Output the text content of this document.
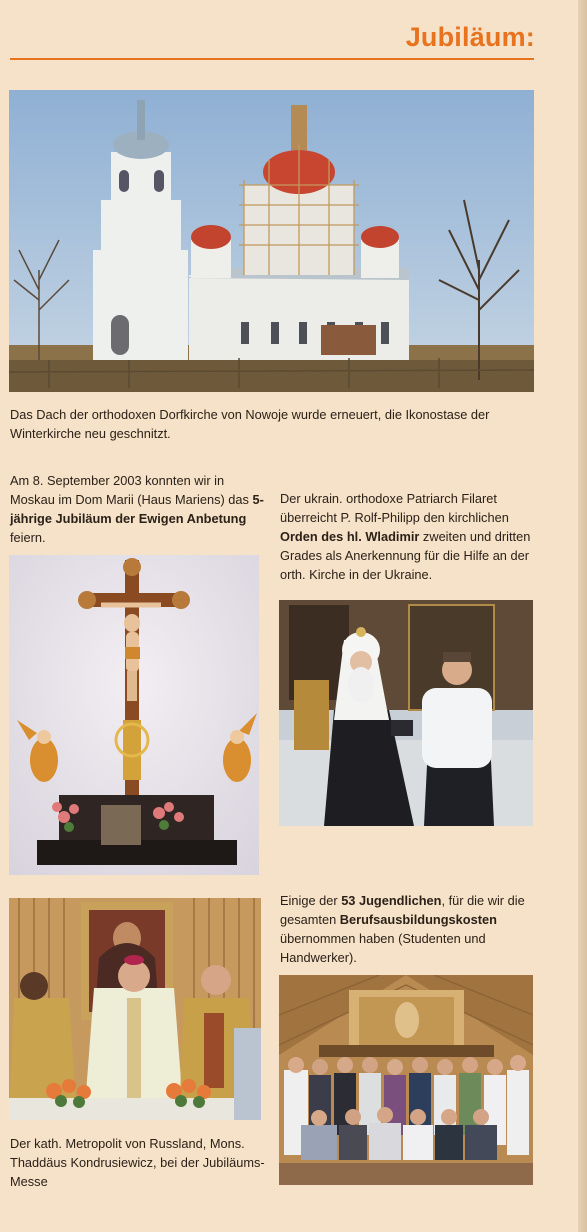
Jubiläum:
Das Dach der orthodoxen Dorfkirche von Nowoje wurde erneuert, die Ikonostase der Winterkirche neu geschnitzt.
Am 8. September 2003 konnten wir in Moskau im Dom Marii (Haus Mariens) das 5-jährige Jubiläum der Ewigen Anbetung feiern.
Der ukrain. orthodoxe Patriarch Filaret überreicht P. Rolf-Philipp den kirchlichen Orden des hl. Wladimir zweiten und dritten Grades als Anerkennung für die Hilfe an der orth. Kirche in der Ukraine.
Einige der 53 Jugendlichen, für die wir die gesamten Berufsausbildungskosten übernommen haben (Studenten und Handwerker).
Der kath. Metropolit von Russland, Mons. Thaddäus Kondrusiewicz, bei der Jubiläums-Messe
